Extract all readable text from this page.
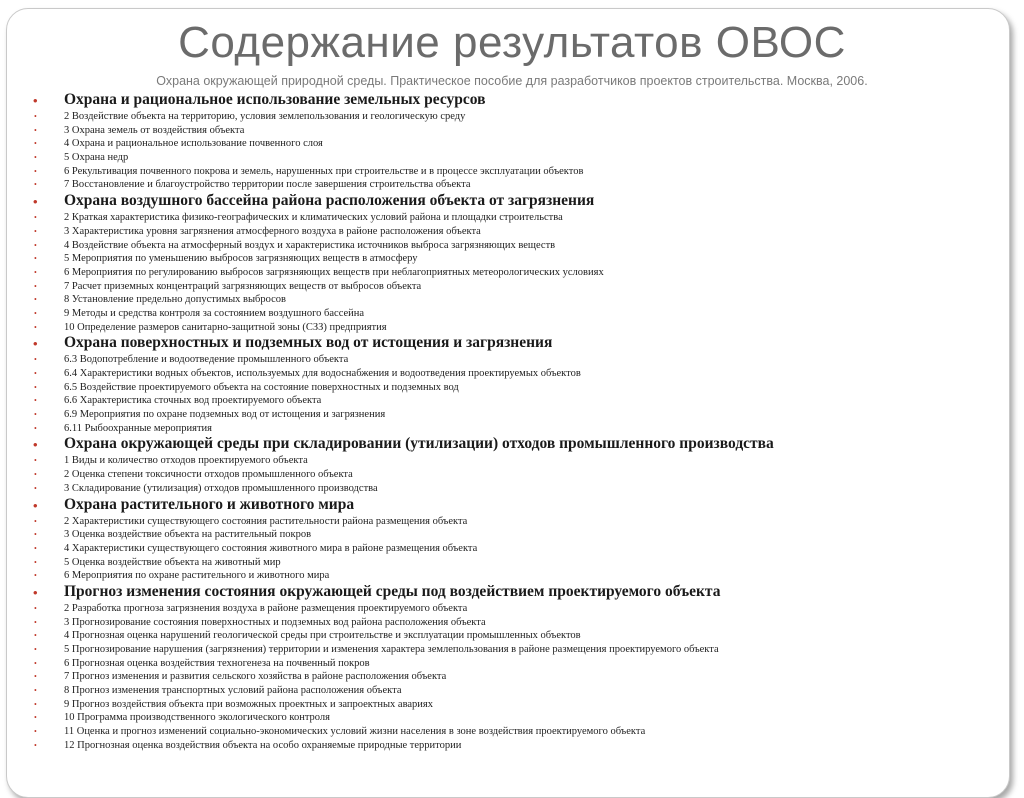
Содержание результатов ОВОС

Охрана окружающей природной среды. Практическое пособие для разработчиков проектов строительства. Москва, 2006.

• Охрана и рациональное использование земельных ресурсов
•	2 Воздействие объекта на территорию, условия землепользования и геологическую среду
•	3 Охрана земель от воздействия объекта
•	4 Охрана и рациональное использование почвенного слоя
•	5 Охрана недр
•	6 Рекультивация почвенного покрова и земель, нарушенных при строительстве и в процессе эксплуатации объектов
•	7 Восстановление и благоустройство территории после завершения строительства объекта
• Охрана воздушного бассейна района расположения объекта от загрязнения
•	2 Краткая характеристика физико-географических и климатических условий района и площадки строительства
•	3 Характеристика уровня загрязнения атмосферного воздуха в районе расположения объекта
•	4 Воздействие объекта на атмосферный воздух и характеристика источников выброса загрязняющих веществ
•	5 Мероприятия по уменьшению выбросов загрязняющих веществ в атмосферу
•	6 Мероприятия по регулированию выбросов загрязняющих веществ при неблагоприятных метеорологических условиях
•	7 Расчет приземных концентраций загрязняющих веществ от выбросов объекта
•	8 Установление предельно допустимых выбросов
•	9 Методы и средства контроля за состоянием воздушного бассейна
•	10 Определение размеров санитарно-защитной зоны (СЗЗ) предприятия
• Охрана поверхностных и подземных вод от истощения и загрязнения
•	6.3 Водопотребление и водоотведение промышленного объекта
•	6.4 Характеристики водных объектов, используемых для водоснабжения и водоотведения проектируемых объектов
•	6.5 Воздействие проектируемого объекта на состояние поверхностных и подземных вод
•	6.6 Характеристика сточных вод проектируемого объекта
•	6.9 Мероприятия по охране подземных вод от истощения и загрязнения
•	6.11 Рыбоохранные мероприятия
• Охрана окружающей среды при складировании (утилизации) отходов промышленного производства
•	1 Виды и количество отходов проектируемого объекта
•	2 Оценка степени токсичности отходов промышленного объекта
•	3 Складирование (утилизация) отходов промышленного производства
• Охрана растительного и животного мира
•	2 Характеристики существующего состояния растительности района размещения объекта
•	3 Оценка воздействие объекта на растительный покров
•	4 Характеристики существующего состояния животного мира в районе размещения объекта
•	5 Оценка воздействие объекта на животный мир
•	6 Мероприятия по охране растительного и животного мира
• Прогноз изменения состояния окружающей среды под воздействием проектируемого объекта
•	2 Разработка прогноза загрязнения воздуха в районе размещения проектируемого объекта
•	3 Прогнозирование состояния поверхностных и подземных вод района расположения объекта
•	4 Прогнозная оценка нарушений геологической среды при строительстве и эксплуатации промышленных объектов
•	5 Прогнозирование нарушения (загрязнения) территории и изменения характера землепользования в районе размещения проектируемого объекта
•	6 Прогнозная оценка воздействия техногенеза на почвенный покров
•	7 Прогноз изменения и развития сельского хозяйства в районе расположения объекта
•	8 Прогноз изменения транспортных условий района расположения объекта
•	9 Прогноз воздействия объекта при возможных проектных и запроектных авариях
•	10 Программа производственного экологического контроля
•	11 Оценка и прогноз изменений социально-экономических условий жизни населения в зоне воздействия проектируемого объекта
•	12 Прогнозная оценка воздействия объекта на особо охраняемые природные территории
